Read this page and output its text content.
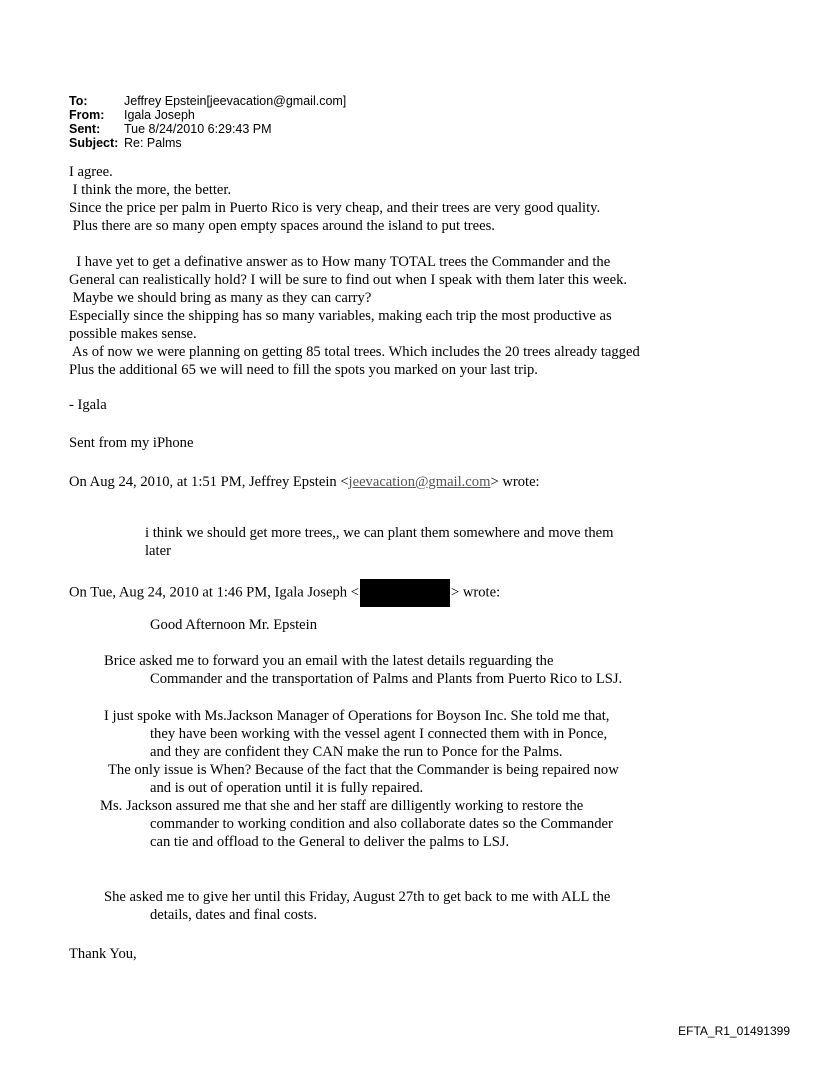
To:	Jeffrey Epstein[jeevacation@gmail.com]
From: Igala Joseph
Sent: Tue 8/24/2010 6:29:43 PM
Subject: Re: Palms
I agree.
I think the more, the better.
Since the price per palm in Puerto Rico is very cheap, and their trees are very good quality.
Plus there are so many open empty spaces around the island to put trees.
I have yet to get a definative answer as to How many TOTAL trees the Commander and the
General can realistically hold? I will be sure to find out when I speak with them later this week.
Maybe we should bring as many as they can carry?
Especially since the shipping has so many variables, making each trip the most productive as
possible makes sense.
As of now we were planning on getting 85 total trees. Which includes the 20 trees already tagged
Plus the additional 65 we will need to fill the spots you marked on your last trip.
- Igala
Sent from my iPhone
On Aug 24, 2010, at 1:51 PM, Jeffrey Epstein <jeevacation@gmail.com> wrote:
i think we should get more trees,, we can plant them somewhere and move them
later
On Tue, Aug 24, 2010 at 1:46 PM, Igala Joseph <	> wrote:
Good Afternoon Mr. Epstein
Brice asked me to forward you an email with the latest details reguarding the
Commander and the transportation of Palms and Plants from Puerto Rico to LSJ.
I just spoke with Ms.Jackson Manager of Operations for Boyson Inc. She told me that,
they have been working with the vessel agent I connected them with in Ponce,
and they are confident they CAN make the run to Ponce for the Palms.
The only issue is When? Because of the fact that the Commander is being repaired now
and is out of operation until it is fully repaired.
Ms. Jackson assured me that she and her staff are dilligently working to restore the
commander to working condition and also collaborate dates so the Commander
can tie and offload to the General to deliver the palms to LSJ.
She asked me to give her until this Friday, August 27th to get back to me with ALL the
details, dates and final costs.
Thank You,
EFTA_R1_01491399
